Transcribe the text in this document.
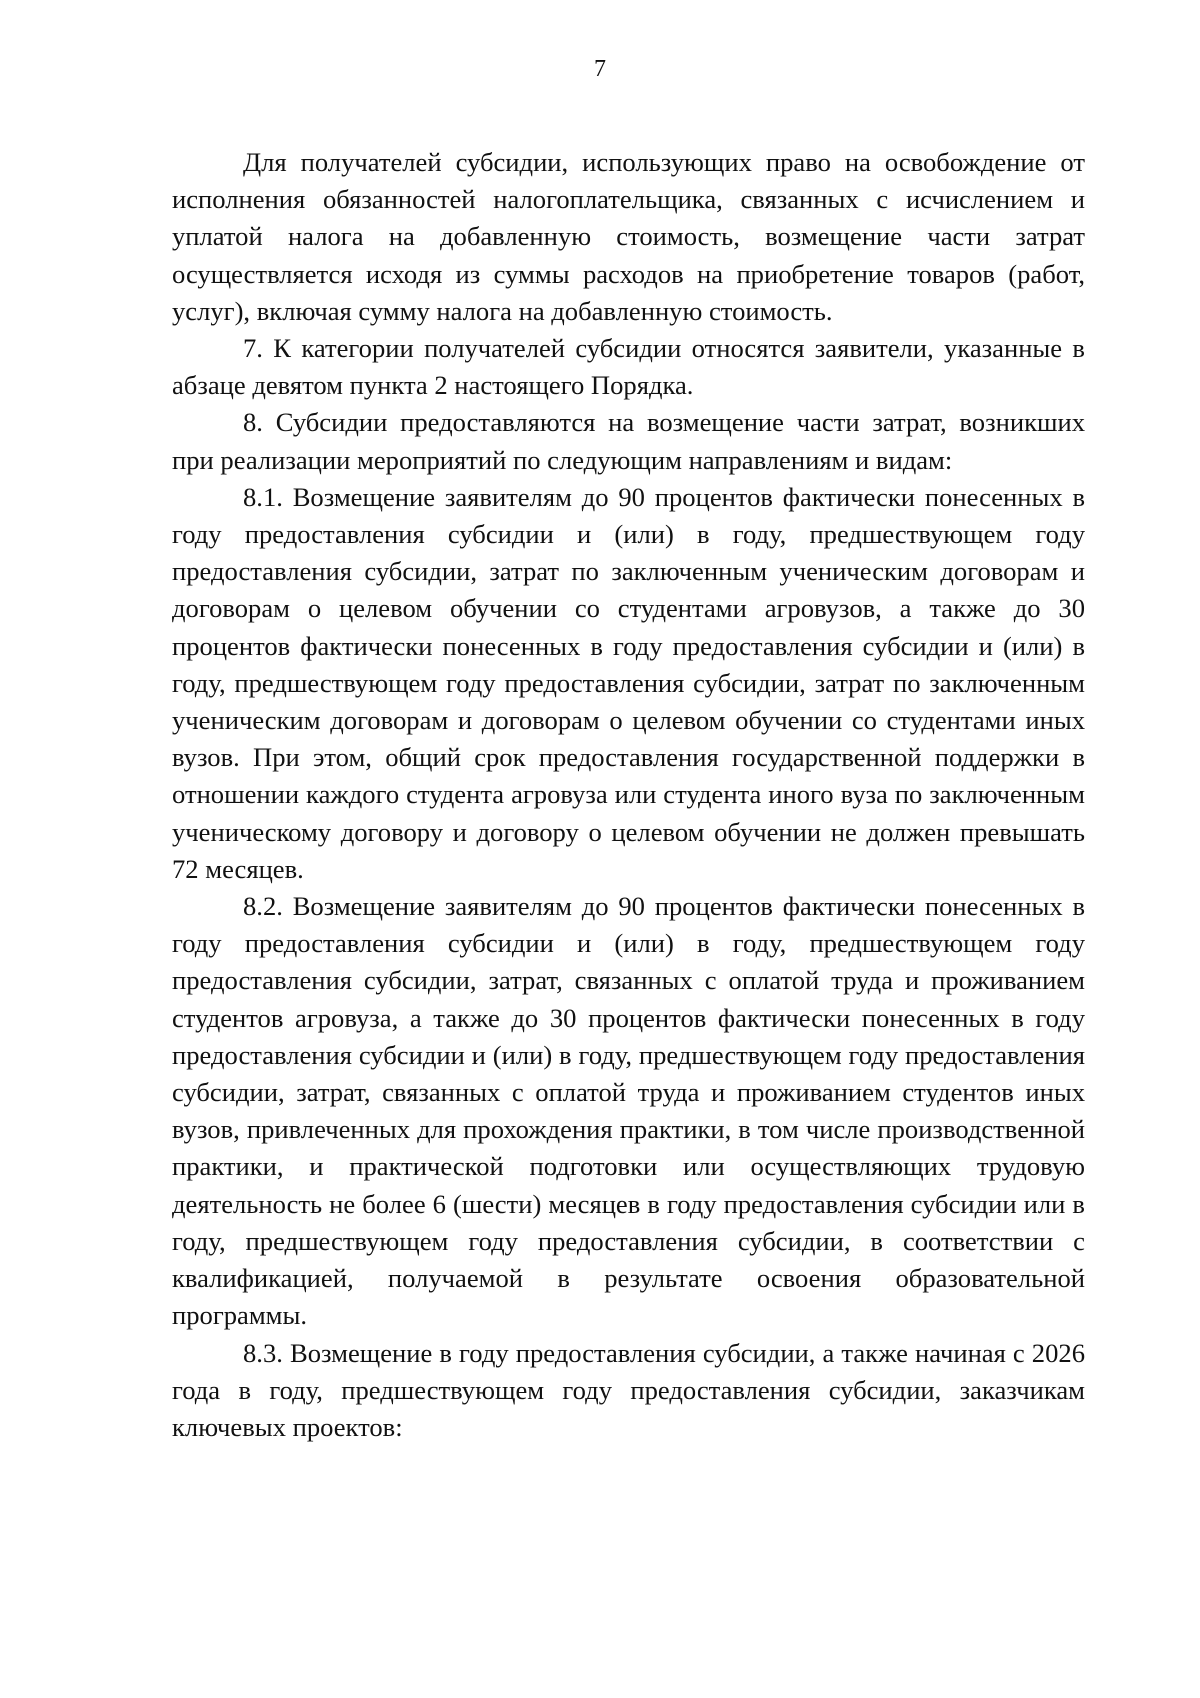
7

Для получателей субсидии, использующих право на освобождение от исполнения обязанностей налогоплательщика, связанных с исчислением и уплатой налога на добавленную стоимость, возмещение части затрат осуществляется исходя из суммы расходов на приобретение товаров (работ, услуг), включая сумму налога на добавленную стоимость.

7. К категории получателей субсидии относятся заявители, указанные в абзаце девятом пункта 2 настоящего Порядка.

8. Субсидии предоставляются на возмещение части затрат, возникших при реализации мероприятий по следующим направлениям и видам:

8.1. Возмещение заявителям до 90 процентов фактически понесенных в году предоставления субсидии и (или) в году, предшествующем году предоставления субсидии, затрат по заключенным ученическим договорам и договорам о целевом обучении со студентами агровузов, а также до 30 процентов фактически понесенных в году предоставления субсидии и (или) в году, предшествующем году предоставления субсидии, затрат по заключенным ученическим договорам и договорам о целевом обучении со студентами иных вузов. При этом, общий срок предоставления государственной поддержки в отношении каждого студента агровуза или студента иного вуза по заключенным ученическому договору и договору о целевом обучении не должен превышать 72 месяцев.

8.2. Возмещение заявителям до 90 процентов фактически понесенных в году предоставления субсидии и (или) в году, предшествующем году предоставления субсидии, затрат, связанных с оплатой труда и проживанием студентов агровуза, а также до 30 процентов фактически понесенных в году предоставления субсидии и (или) в году, предшествующем году предоставления субсидии, затрат, связанных с оплатой труда и проживанием студентов иных вузов, привлеченных для прохождения практики, в том числе производственной практики, и практической подготовки или осуществляющих трудовую деятельность не более 6 (шести) месяцев в году предоставления субсидии или в году, предшествующем году предоставления субсидии, в соответствии с квалификацией, получаемой в результате освоения образовательной программы.

8.3. Возмещение в году предоставления субсидии, а также начиная с 2026 года в году, предшествующем году предоставления субсидии, заказчикам ключевых проектов:
